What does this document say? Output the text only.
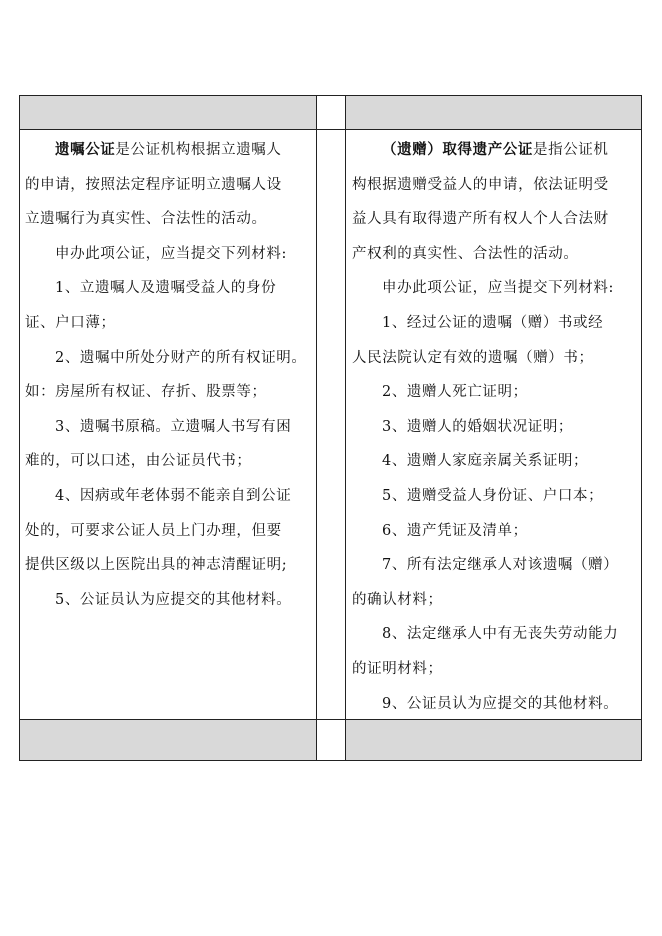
遗嘱公证是公证机构根据立遗嘱人
的申请，按照法定程序证明立遗嘱人设
立遗嘱行为真实性、合法性的活动。
申办此项公证，应当提交下列材料:
1、立遗嘱人及遗嘱受益人的身份
证、户口薄；
2、遗嘱中所处分财产的所有权证明。
如：房屋所有权证、存折、股票等；
3、遗嘱书原稿。立遗嘱人书写有困
难的，可以口述，由公证员代书；
4、因病或年老体弱不能亲自到公证
处的，可要求公证人员上门办理，但要
提供区级以上医院出具的神志清醒证明;
5、公证员认为应提交的其他材料。
（遗赠）取得遗产公证是指公证机
构根据遗赠受益人的申请，依法证明受
益人具有取得遗产所有权人个人合法财
产权利的真实性、合法性的活动。
申办此项公证，应当提交下列材料:
1、经过公证的遗嘱（赠）书或经
人民法院认定有效的遗嘱（赠）书；
2、遗赠人死亡证明；
3、遗赠人的婚姻状况证明；
4、遗赠人家庭亲属关系证明；
5、遗赠受益人身份证、户口本；
6、遗产凭证及清单；
7、所有法定继承人对该遗嘱（赠）
的确认材料；
8、法定继承人中有无丧失劳动能力
的证明材料；
9、公证员认为应提交的其他材料。
